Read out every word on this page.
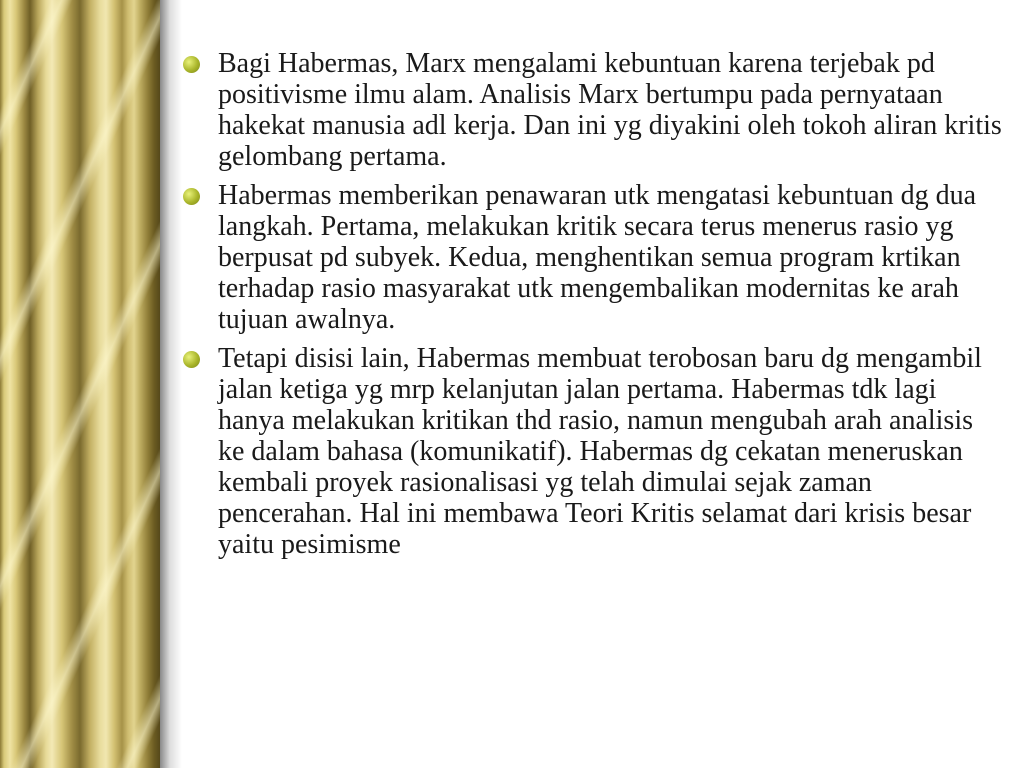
Bagi Habermas, Marx mengalami kebuntuan karena terjebak pd positivisme ilmu alam. Analisis Marx bertumpu pada pernyataan hakekat manusia adl kerja. Dan ini yg diyakini oleh tokoh aliran kritis gelombang pertama.
Habermas memberikan penawaran utk mengatasi kebuntuan dg dua langkah. Pertama, melakukan kritik secara terus menerus rasio yg berpusat pd subyek. Kedua, menghentikan semua program krtikan terhadap rasio masyarakat utk mengembalikan modernitas ke arah tujuan awalnya.
Tetapi disisi lain, Habermas membuat terobosan baru dg mengambil jalan ketiga yg mrp kelanjutan jalan pertama. Habermas tdk lagi hanya melakukan kritikan thd rasio, namun mengubah arah analisis ke dalam bahasa (komunikatif). Habermas dg cekatan meneruskan kembali proyek rasionalisasi yg telah dimulai sejak zaman pencerahan. Hal ini membawa Teori Kritis selamat dari krisis besar yaitu pesimisme
